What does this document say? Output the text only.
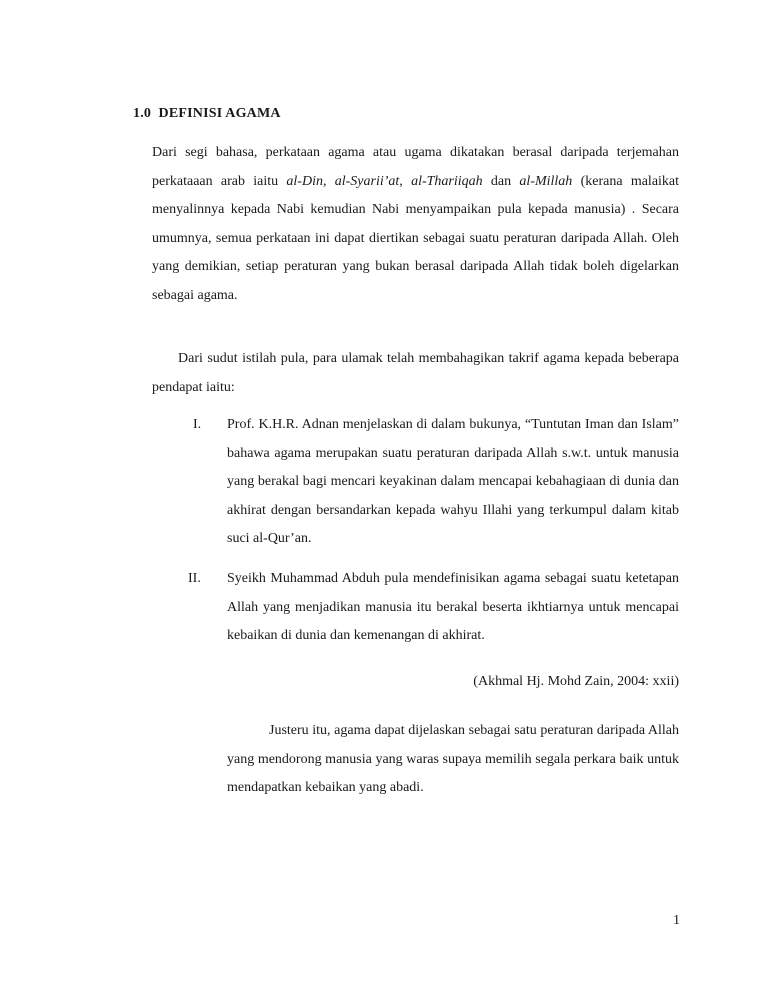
1.0 DEFINISI AGAMA
Dari segi bahasa, perkataan agama atau ugama dikatakan berasal daripada terjemahan perkataaan arab iaitu al-Din, al-Syarii’at, al-Thariiqah dan al-Millah (kerana malaikat menyalinnya kepada Nabi kemudian Nabi menyampaikan pula kepada manusia) . Secara umumnya, semua perkataan ini dapat diertikan sebagai suatu peraturan daripada Allah. Oleh yang demikian, setiap peraturan yang bukan berasal daripada Allah tidak boleh digelarkan sebagai agama.
Dari sudut istilah pula, para ulamak telah membahagikan takrif agama kepada beberapa pendapat iaitu:
I. Prof. K.H.R. Adnan menjelaskan di dalam bukunya, “Tuntutan Iman dan Islam” bahawa agama merupakan suatu peraturan daripada Allah s.w.t. untuk manusia yang berakal bagi mencari keyakinan dalam mencapai kebahagiaan di dunia dan akhirat dengan bersandarkan kepada wahyu Illahi yang terkumpul dalam kitab suci al-Qur’an.
II. Syeikh Muhammad Abduh pula mendefinisikan agama sebagai suatu ketetapan Allah yang menjadikan manusia itu berakal beserta ikhtiarnya untuk mencapai kebaikan di dunia dan kemenangan di akhirat.
(Akhmal Hj. Mohd Zain, 2004: xxii)
Justeru itu, agama dapat dijelaskan sebagai satu peraturan daripada Allah yang mendorong manusia yang waras supaya memilih segala perkara baik untuk mendapatkan kebaikan yang abadi.
1
